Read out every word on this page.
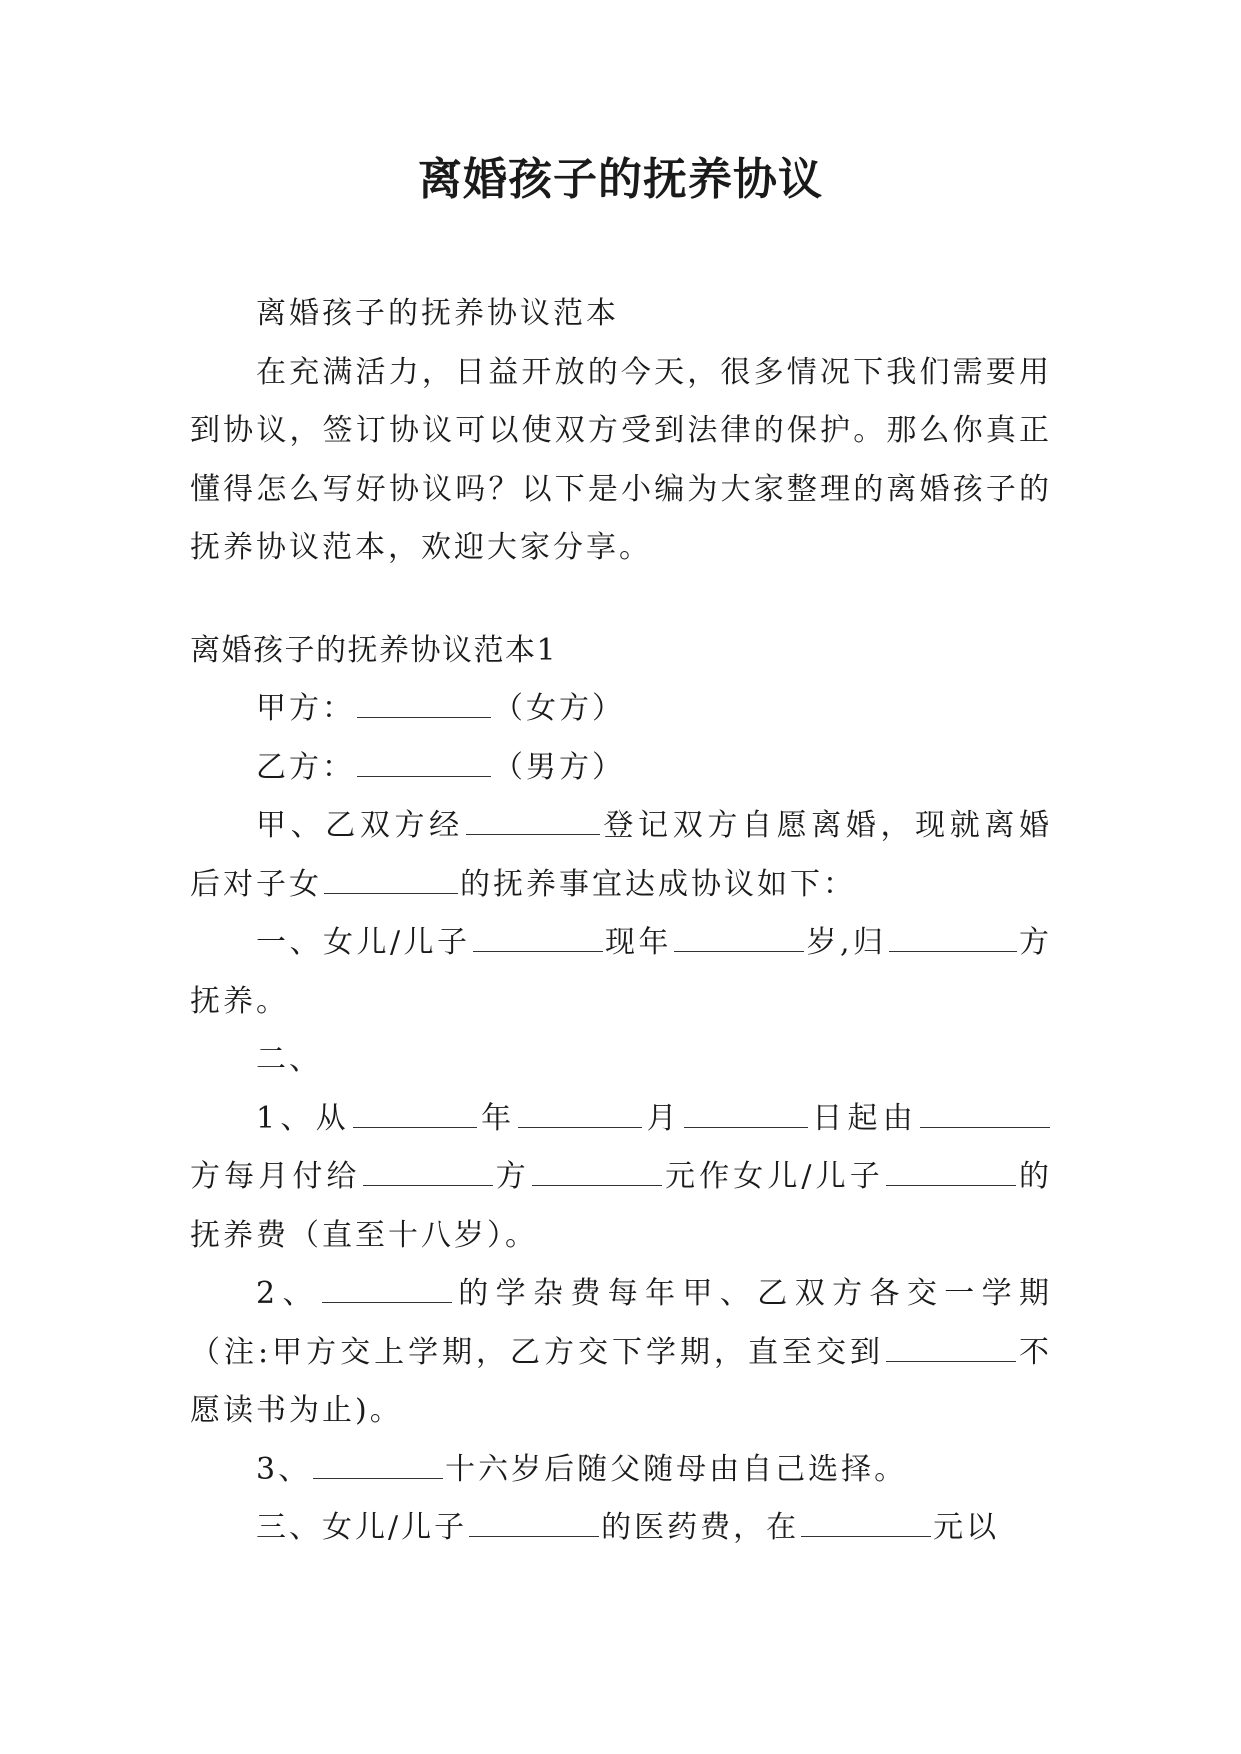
离婚孩子的抚养协议

离婚孩子的抚养协议范本

在充满活力，日益开放的今天，很多情况下我们需要用到协议，签订协议可以使双方受到法律的保护。那么你真正懂得怎么写好协议吗？以下是小编为大家整理的离婚孩子的抚养协议范本，欢迎大家分享。

离婚孩子的抚养协议范本1

甲方：	（女方）

乙方：	（男方）

甲、乙双方经	登记双方自愿离婚，现就离婚后对子女	的抚养事宜达成协议如下：

一、女儿/儿子	现年	岁,归	方抚养。

二、

1、从	年	月	日起由方每月付给	方	元作女儿/儿子	的抚养费（直至十八岁）。

2、	的学杂费每年甲、乙双方各交一学期（注:甲方交上学期，乙方交下学期，直至交到	不愿读书为止)。

3、	十六岁后随父随母由自己选择。

三、女儿/儿子	的医药费，在	元以
